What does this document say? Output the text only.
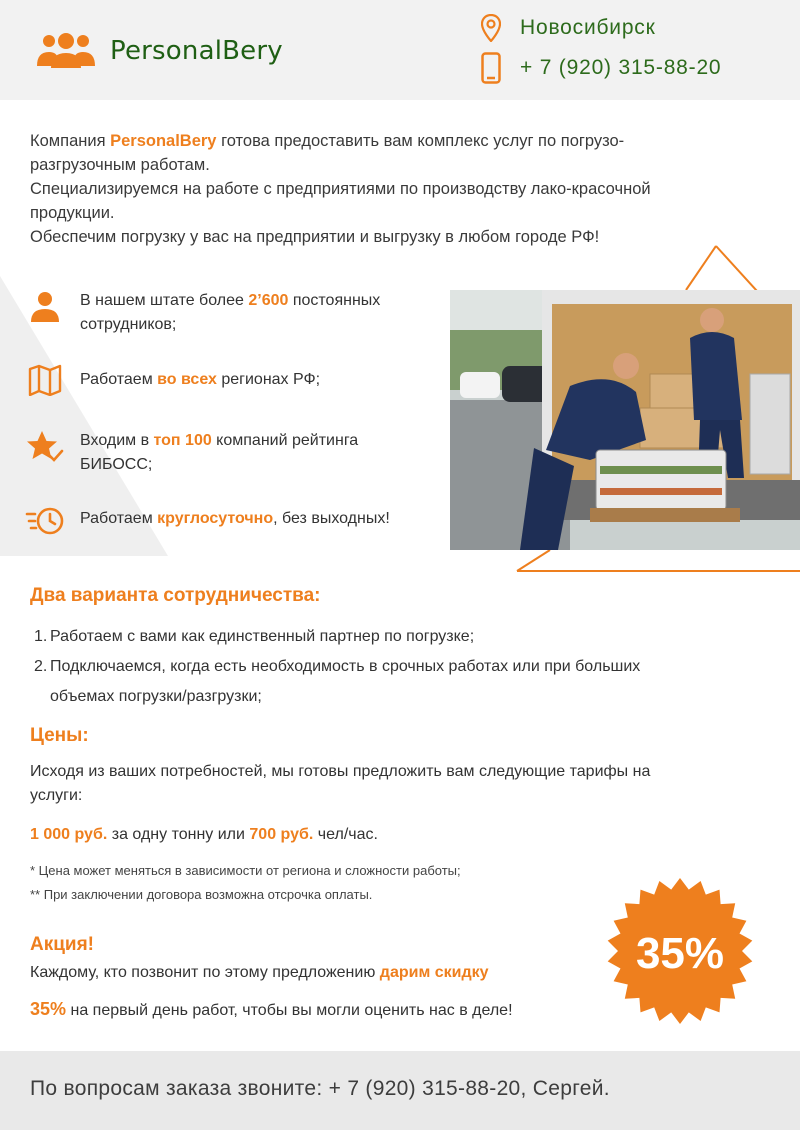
PersonalBery
Новосибирск
+ 7 (920) 315-88-20

Компания PersonalBery готова предоставить вам комплекс услуг по погрузо-разгрузочным работам.

Специализируемся на работе с предприятиями по производству лако-красочной продукции.

Обеспечим погрузку у вас на предприятии и выгрузку в любом городе РФ!

В нашем штате более 2’600 постоянных сотрудников;
Работаем во всех регионах РФ;
Входим в топ 100 компаний рейтинга БИБОСС;
Работаем круглосуточно, без выходных!
Два варианта сотрудничества:
1. Работаем с вами как единственный партнер по погрузке;
2. Подключаемся, когда есть необходимость в срочных работах или при больших
объемах погрузки/разгрузки;
Цены:
Исходя из ваших потребностей, мы готовы предложить вам следующие тарифы на услуги:
1 000 руб. за одну тонну или 700 руб. чел/час.
* Цена может меняться в зависимости от региона и сложности работы;
** При заключении договора возможна отсрочка оплаты.
Акция!
Каждому, кто позвонит по этому предложению дарим скидку
35% на первый день работ, чтобы вы могли оценить нас в деле!
35%
По вопросам заказа звоните: + 7 (920) 315-88-20, Сергей.
